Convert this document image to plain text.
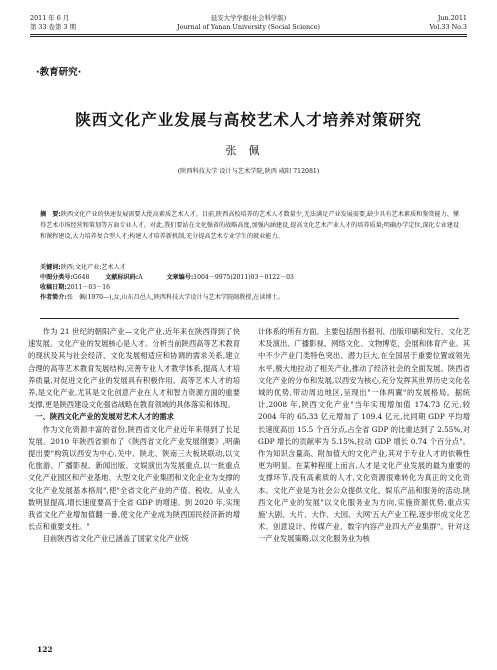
2011 年 6 月
第 33 卷第 3 期
延安大学学报(社会科学版)
Journal of Yanan University (Social Science)
Jun.2011
Vol.33 No.3
·教育研究·
陕西文化产业发展与高校艺术人才培养对策研究
张佩
(陕西科技大学 设计与艺术学院,陕西 咸阳 712081)
摘　要:陕西文化产业的快速发展需要大批高素质艺术人才。目前,陕西高校培养的艺术人才数量少,无法满足产业发展需要,缺少具有艺术素质和鉴赏能力、懂得艺术市场经营和策划等方面专业人才。对此,我们要站在文化强省的战略高度,加强内涵建设,提高文化艺术产业人才的培养质量;明确办学定位,深化专业建设和课程建设,大力培养复合型人才;构建人才培养新机制,充分提高艺术专业学生的就业能力。
关键词:陕西;文化产业;艺术人才
中图分类号:G648	文献标识码:A	文章编号:1004－9975(2011)03－0122－03
收稿日期:2011－03－16
作者简介:张　佩(1970—),女,山东昌邑人,陕西科技大学设计与艺术学院副教授,在读博士。

作为 21 世纪的朝阳产业—文化产业,近年来在陕西得到了快速发展。文化产业的发展核心是人才。分析当前陕西高等艺术教育的现状及其与社会经济、文化发展相适应和协调的需求关系,建立合理的高等艺术教育发展结构,完善专业人才教学体系,提高人才培养质量,对促进文化产业的发展具有积极作用。高等艺术人才的培养,是文化产业,尤其是文化创意产业在人才和智力资源方面的重要支撑,更是陕西建设文化强省战略在教育领域的具体落实和体现。

一、陕西文化产业的发展对艺术人才的需求

作为文化资源丰富的省份,陕西省文化产业近年来得到了长足发展。2010 年陕西省颁布了《陕西省文化产业发展纲要》,明确提出要"构筑以西安为中心,关中、陕北、陕南三大板块联动,以文化旅游、广播影视、新闻出版、文娱演出为发展重点,以一批重点文化产业园区和产业基地、大型文化产业集团和文化企业为支撑的文化产业发展基本格局",使"全省文化产业的产值、税收、从业人数明显提高,增长速度要高于全省 GDP 的增速。到 2020 年,实现我省文化产业增加值翻一番,使文化产业成为陕西国民经济新的增长点和重要支柱。"

目前陕西省文化产业已涵盖了国家文化产业统

计体系的所有方面。主要包括图书报刊、出版印刷和发行、文化艺术及演出、广播影视、网络文化、文物博览、会展和体育产业。其中不少产业门类特色突出、潜力巨大,在全国居于重要位置或领先水平,极大地拉动了相关产业,推动了经济社会的全面发展。陕西省文化产业的分布和发展,以西安为核心,充分发挥其世界历史文化名城的优势,带动周边地区,呈现出"一体两翼"的发展格局。据统计,2008 年,陕西文化产业"当年实现增加值 174.73 亿元,较 2004 年的 65.33 亿元增加了 109.4 亿元,比同期 GDP 平均增长速度高出 15.5 个百分点,占全省 GDP 的比重达到了 2.55%,对 GDP 增长的贡献率为 5.15%,拉动 GDP 增长 0.74 个百分点"。作为知识含量高、附加值大的文化产业,其对于专业人才的依赖性更为明显。在某种程度上而言,人才是文化产业发展的最为重要的支撑环节,没有高素质的人才,文化资源很难转化为真正的文化资本。文化产业是为社会公众提供文化、娱乐产品和服务的活动,陕西文化产业的发展"以文化服务业为方向,实施资源优势,重点实施'大剧、大片、大作、大园、大网'五大产业工程,逐步形成文化艺术、创意设计、传媒产业、数字内容产业四大产业集群"。针对这一产业发展策略,以文化服务业为核

122
